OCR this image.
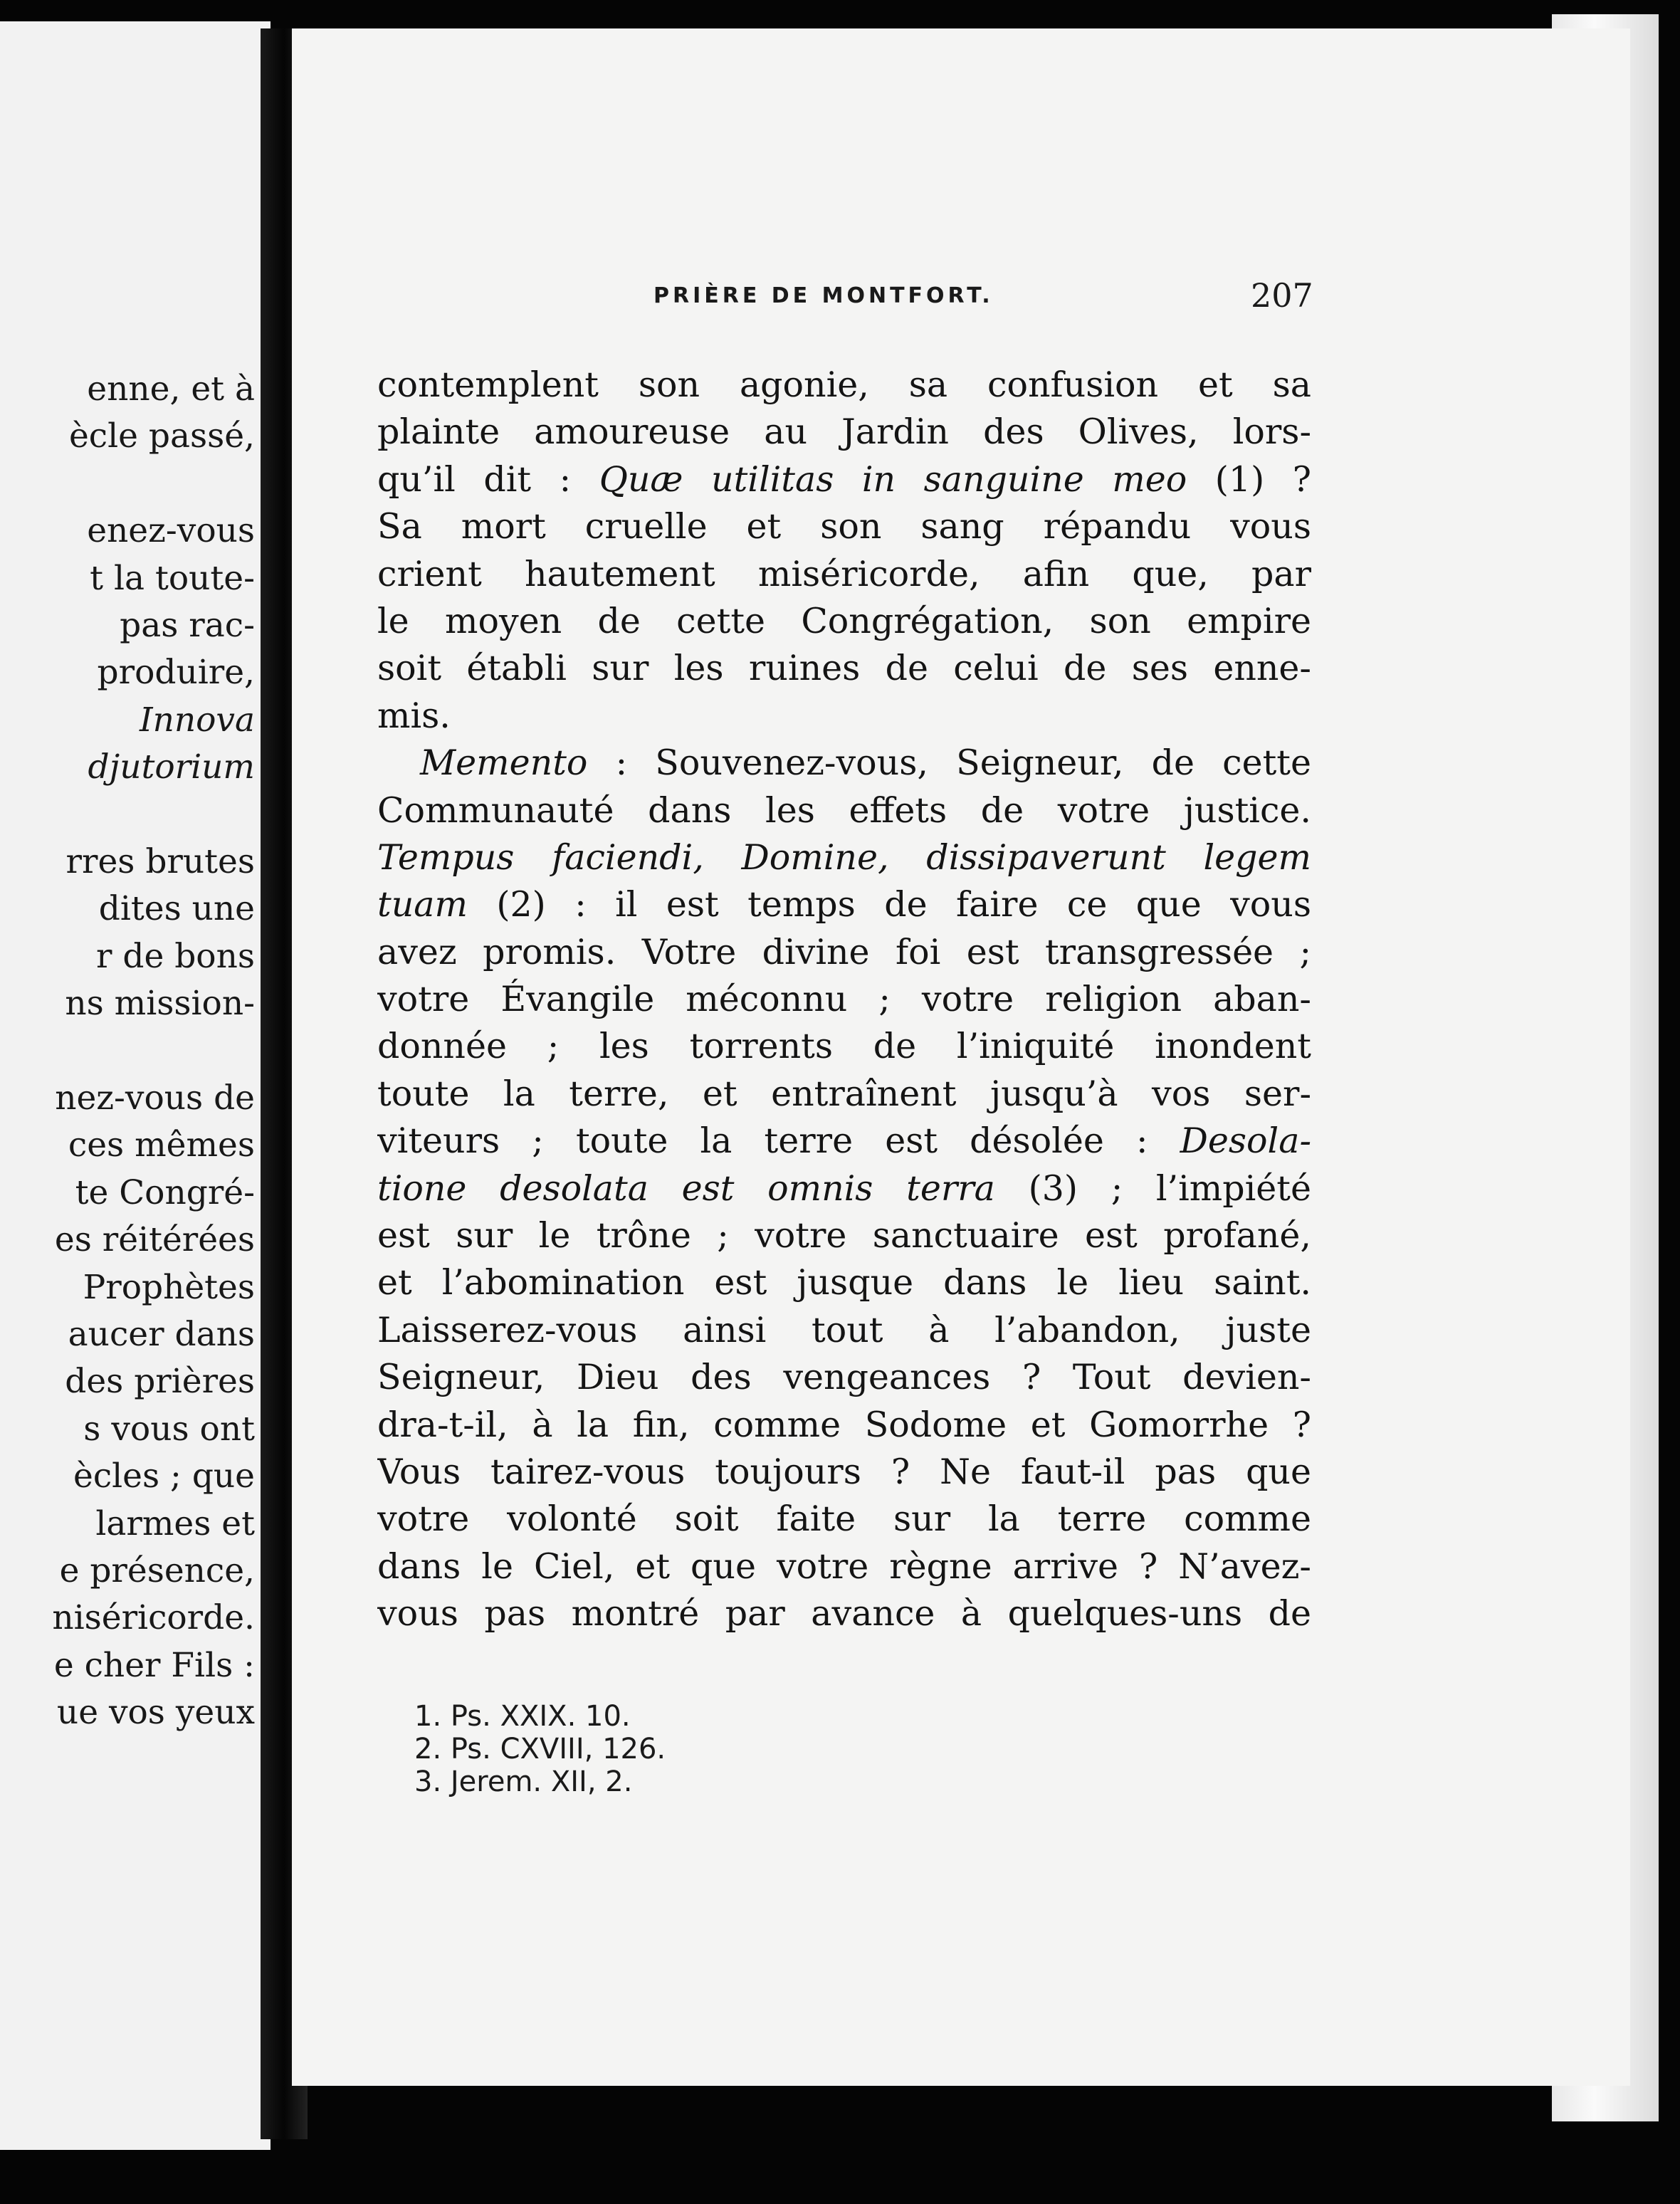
enne, et à
ècle passé,
enez-vous
t la toute-
pas rac-
produire,
Innova
djutorium
rres brutes
dites une
r de bons
ns mission-
nez-vous de
ces mêmes
te Congré-
es réitérées
Prophètes
aucer dans
des prières
s vous ont
ècles ; que
larmes et
e présence,
niséricorde.
e cher Fils :
ue vos yeux
PRIÈRE DE MONTFORT.	207
contemplent son agonie, sa confusion et sa
plainte amoureuse au Jardin des Olives, lors-
qu’il dit : Quæ utilitas in sanguine meo (1) ?
Sa mort cruelle et son sang répandu vous
crient hautement miséricorde, afin que, par
le moyen de cette Congrégation, son empire
soit établi sur les ruines de celui de ses enne-
mis.
Memento : Souvenez-vous, Seigneur, de cette
Communauté dans les effets de votre justice.
Tempus faciendi, Domine, dissipaverunt legem
tuam (2) : il est temps de faire ce que vous
avez promis. Votre divine foi est transgressée ;
votre Évangile méconnu ; votre religion aban-
donnée ; les torrents de l’iniquité inondent
toute la terre, et entraînent jusqu’à vos ser-
viteurs ; toute la terre est désolée : Desola-
tione desolata est omnis terra (3) ; l’impiété
est sur le trône ; votre sanctuaire est profané,
et l’abomination est jusque dans le lieu saint.
Laisserez-vous ainsi tout à l’abandon, juste
Seigneur, Dieu des vengeances ? Tout devien-
dra-t-il, à la fin, comme Sodome et Gomorrhe ?
Vous tairez-vous toujours ? Ne faut-il pas que
votre volonté soit faite sur la terre comme
dans le Ciel, et que votre règne arrive ? N’avez-
vous pas montré par avance à quelques-uns de
1. Ps. XXIX. 10.
2. Ps. CXVIII, 126.
3. Jerem. XII, 2.
